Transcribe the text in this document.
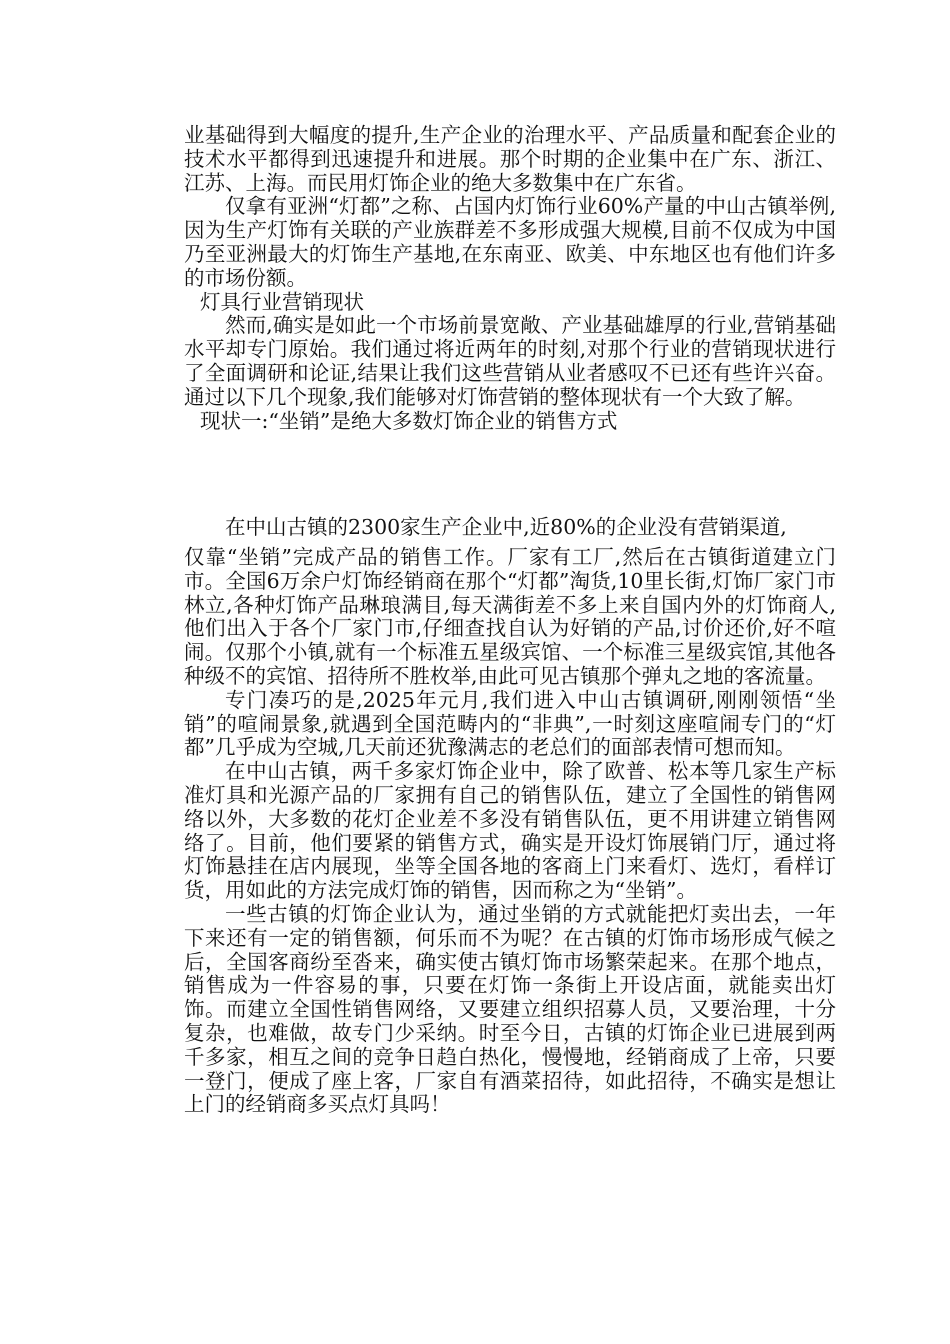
业基础得到大幅度的提升,生产企业的治理水平、产品质量和配套企业的技术水平都得到迅速提升和进展。那个时期的企业集中在广东、浙江、江苏、上海。而民用灯饰企业的绝大多数集中在广东省。

仅拿有亚洲“灯都”之称、占国内灯饰行业60%产量的中山古镇举例,因为生产灯饰有关联的产业族群差不多形成强大规模,目前不仅成为中国乃至亚洲最大的灯饰生产基地,在东南亚、欧美、中东地区也有他们许多的市场份额。

灯具行业营销现状

然而,确实是如此一个市场前景宽敞、产业基础雄厚的行业,营销基础水平却专门原始。我们通过将近两年的时刻,对那个行业的营销现状进行了全面调研和论证,结果让我们这些营销从业者感叹不已还有些许兴奋。通过以下几个现象,我们能够对灯饰营销的整体现状有一个大致了解。

现状一:“坐销”是绝大多数灯饰企业的销售方式

在中山古镇的2300家生产企业中,近80%的企业没有营销渠道,

仅靠“坐销”完成产品的销售工作。厂家有工厂,然后在古镇街道建立门市。全国6万余户灯饰经销商在那个“灯都”淘货,10里长街,灯饰厂家门市林立,各种灯饰产品琳琅满目,每天满街差不多上来自国内外的灯饰商人,他们出入于各个厂家门市,仔细查找自认为好销的产品,讨价还价,好不喧闹。仅那个小镇,就有一个标准五星级宾馆、一个标准三星级宾馆,其他各种级不的宾馆、招待所不胜枚举,由此可见古镇那个弹丸之地的客流量。

专门凑巧的是,2025年元月,我们进入中山古镇调研,刚刚领悟“坐销”的喧闹景象,就遇到全国范畴内的“非典”,一时刻这座喧闹专门的“灯都”几乎成为空城,几天前还犹豫满志的老总们的面部表情可想而知。

在中山古镇，两千多家灯饰企业中，除了欧普、松本等几家生产标准灯具和光源产品的厂家拥有自己的销售队伍，建立了全国性的销售网络以外，大多数的花灯企业差不多没有销售队伍，更不用讲建立销售网络了。目前，他们要紧的销售方式，确实是开设灯饰展销门厅，通过将灯饰悬挂在店内展现，坐等全国各地的客商上门来看灯、选灯，看样订货，用如此的方法完成灯饰的销售，因而称之为“坐销”。

一些古镇的灯饰企业认为，通过坐销的方式就能把灯卖出去，一年下来还有一定的销售额，何乐而不为呢？在古镇的灯饰市场形成气候之后，全国客商纷至沓来，确实使古镇灯饰市场繁荣起来。在那个地点，销售成为一件容易的事，只要在灯饰一条街上开设店面，就能卖出灯饰。而建立全国性销售网络，又要建立组织招募人员，又要治理，十分复杂，也难做，故专门少采纳。时至今日，古镇的灯饰企业已进展到两千多家，相互之间的竞争日趋白热化，慢慢地，经销商成了上帝，只要一登门，便成了座上客，厂家自有酒菜招待，如此招待，不确实是想让上门的经销商多买点灯具吗！
